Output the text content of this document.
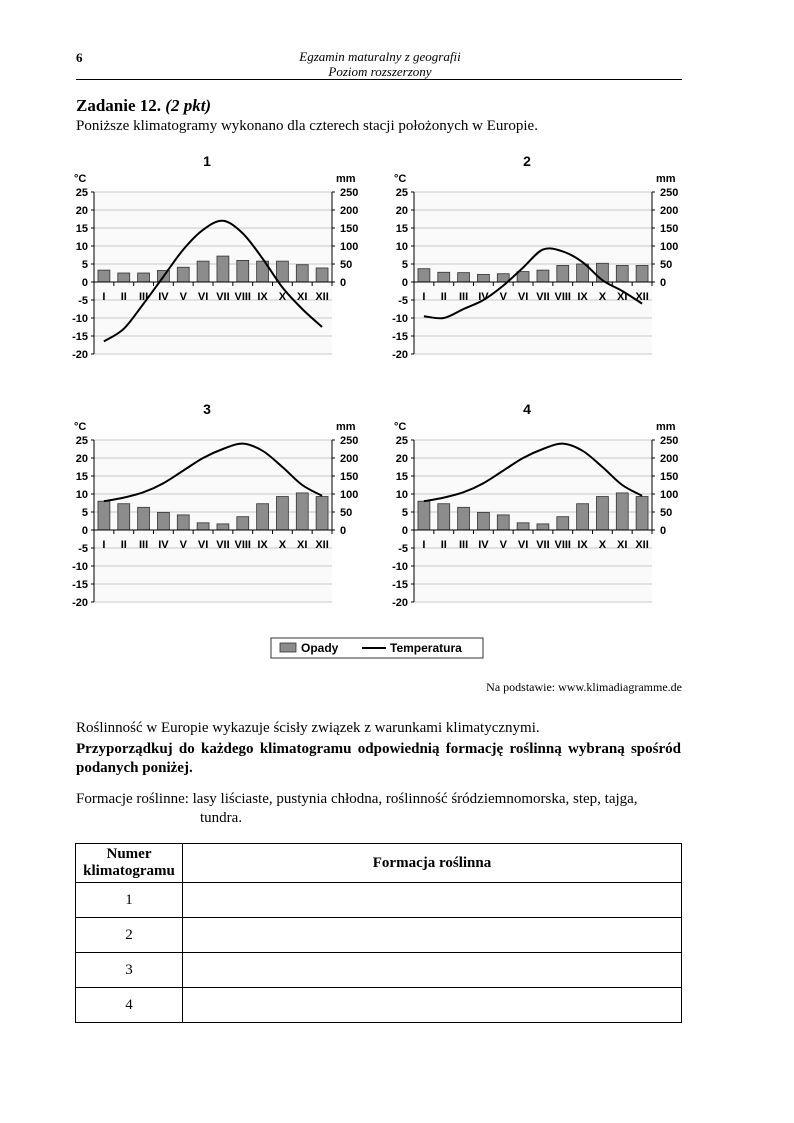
6	Egzamin maturalny z geografii
Poziom rozszerzony
Zadanie 12. (2 pkt)
Poniższe klimatogramy wykonano dla czterech stacji położonych w Europie.
1
°C	mm
25
20
15
10
5
0
-5
-10
-15
-20
250
200
150
100
50
0
I II III IV V VI VII VIII IX X XI XII
2
°C	mm
25
20
15
10
5
0
-5
-10
-15
-20
250
200
150
100
50
0
I II III IV V VI VII VIII IX X XI XII
3
°C	mm
25
20
15
10
5
0
-5
-10
-15
-20
250
200
150
100
50
0
I II III IV V VI VII VIII IX X XI XII
4
°C	mm
25
20
15
10
5
0
-5
-10
-15
-20
250
200
150
100
50
0
I II III IV V VI VII VIII IX X XI XII
Opady	Temperatura
Na podstawie: www.klimadiagramme.de
Roślinność w Europie wykazuje ścisły związek z warunkami klimatycznymi.
Przyporządkuj do każdego klimatogramu odpowiednią formację roślinną wybraną spośród podanych poniżej.
Formacje roślinne: lasy liściaste, pustynia chłodna, roślinność śródziemnomorska, step, tajga,
tundra.
Numer
klimatogramu	Formacja roślinna
1	
2	
3	
4	
